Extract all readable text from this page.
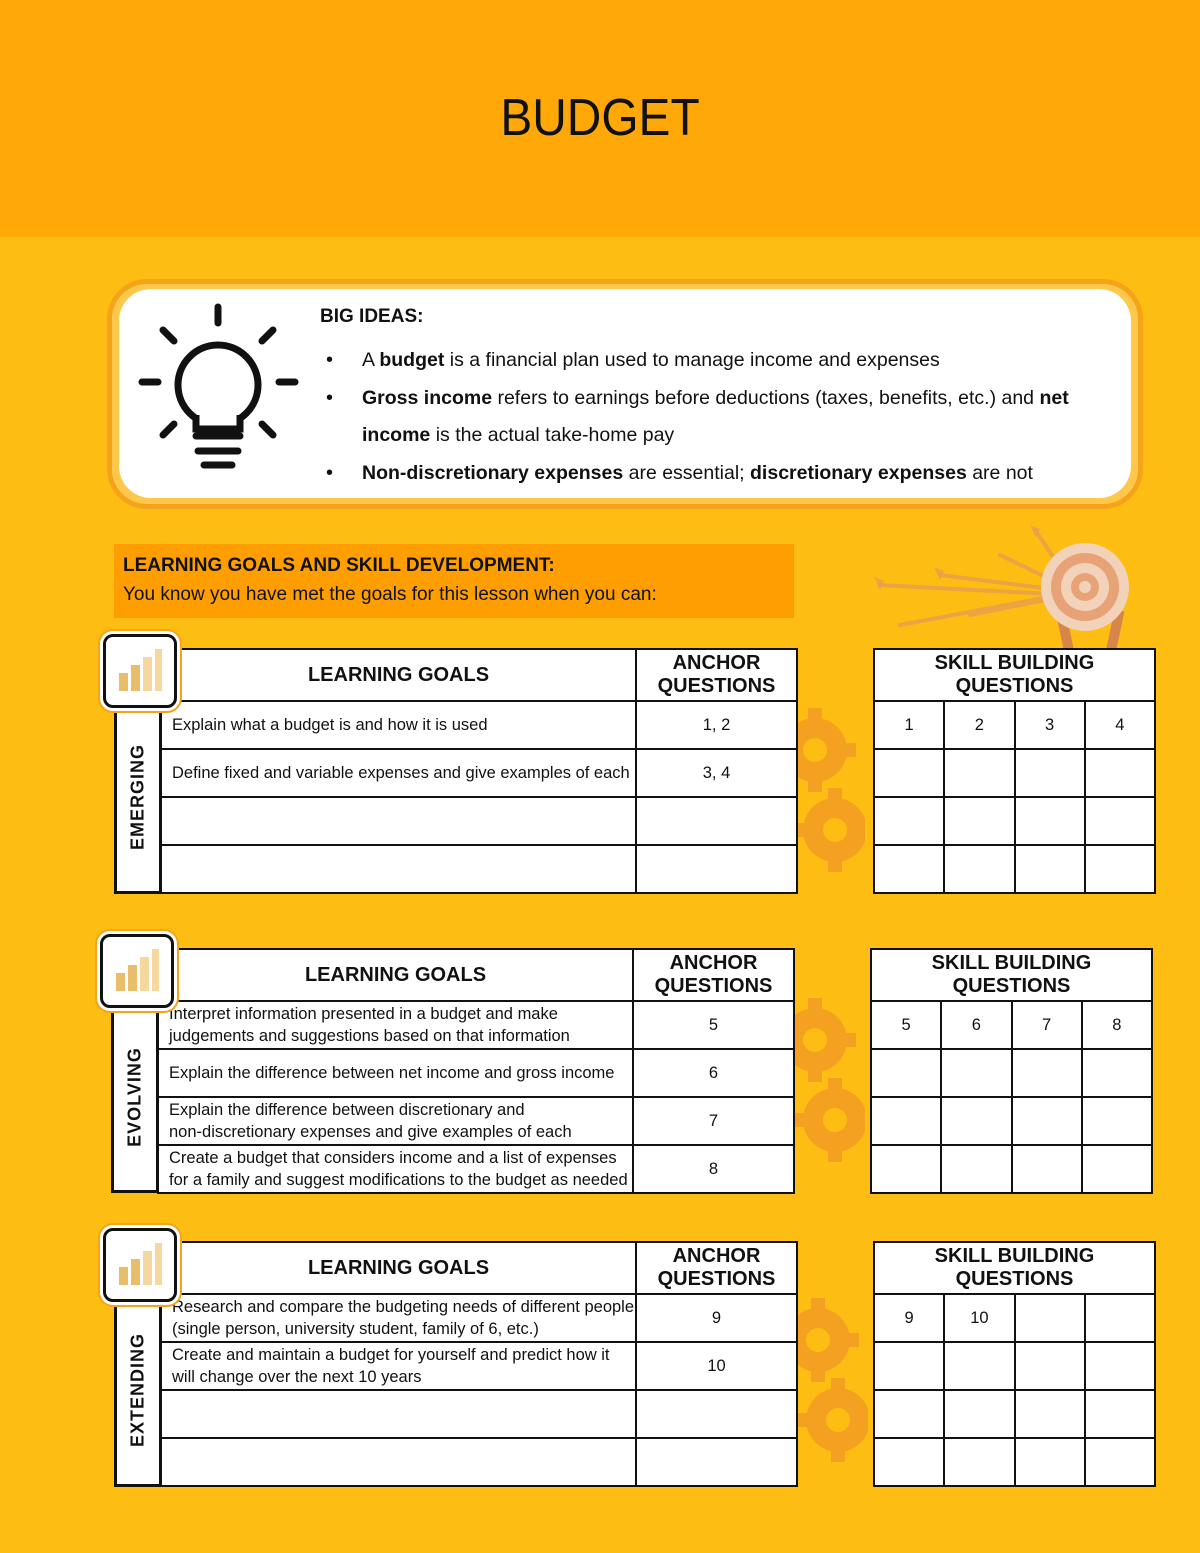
BUDGET
BIG IDEAS:
• A budget is a financial plan used to manage income and expenses
• Gross income refers to earnings before deductions (taxes, benefits, etc.) and net income is the actual take-home pay
• Non-discretionary expenses are essential; discretionary expenses are not
LEARNING GOALS AND SKILL DEVELOPMENT:
You know you have met the goals for this lesson when you can:
EMERGING
LEARNING GOALS	ANCHOR
QUESTIONS
Explain what a budget is and how it is used	1, 2
Define fixed and variable expenses and give examples of each	3, 4

SKILL BUILDING
QUESTIONS			
1	2	3	4

EVOLVING
LEARNING GOALS	ANCHOR
QUESTIONS
Interpret information presented in a budget and make
judgements and suggestions based on that information	5
Explain the difference between net income and gross income	6
Explain the difference between discretionary and
non-discretionary expenses and give examples of each	7
Create a budget that considers income and a list of expenses
for a family and suggest modifications to the budget as needed	8
SKILL BUILDING
QUESTIONS			
5	6	7	8

EXTENDING
LEARNING GOALS	ANCHOR
QUESTIONS
Research and compare the budgeting needs of different people
(single person, university student, family of 6, etc.)	9
Create and maintain a budget for yourself and predict how it
will change over the next 10 years	10

SKILL BUILDING
QUESTIONS			
9	10		
